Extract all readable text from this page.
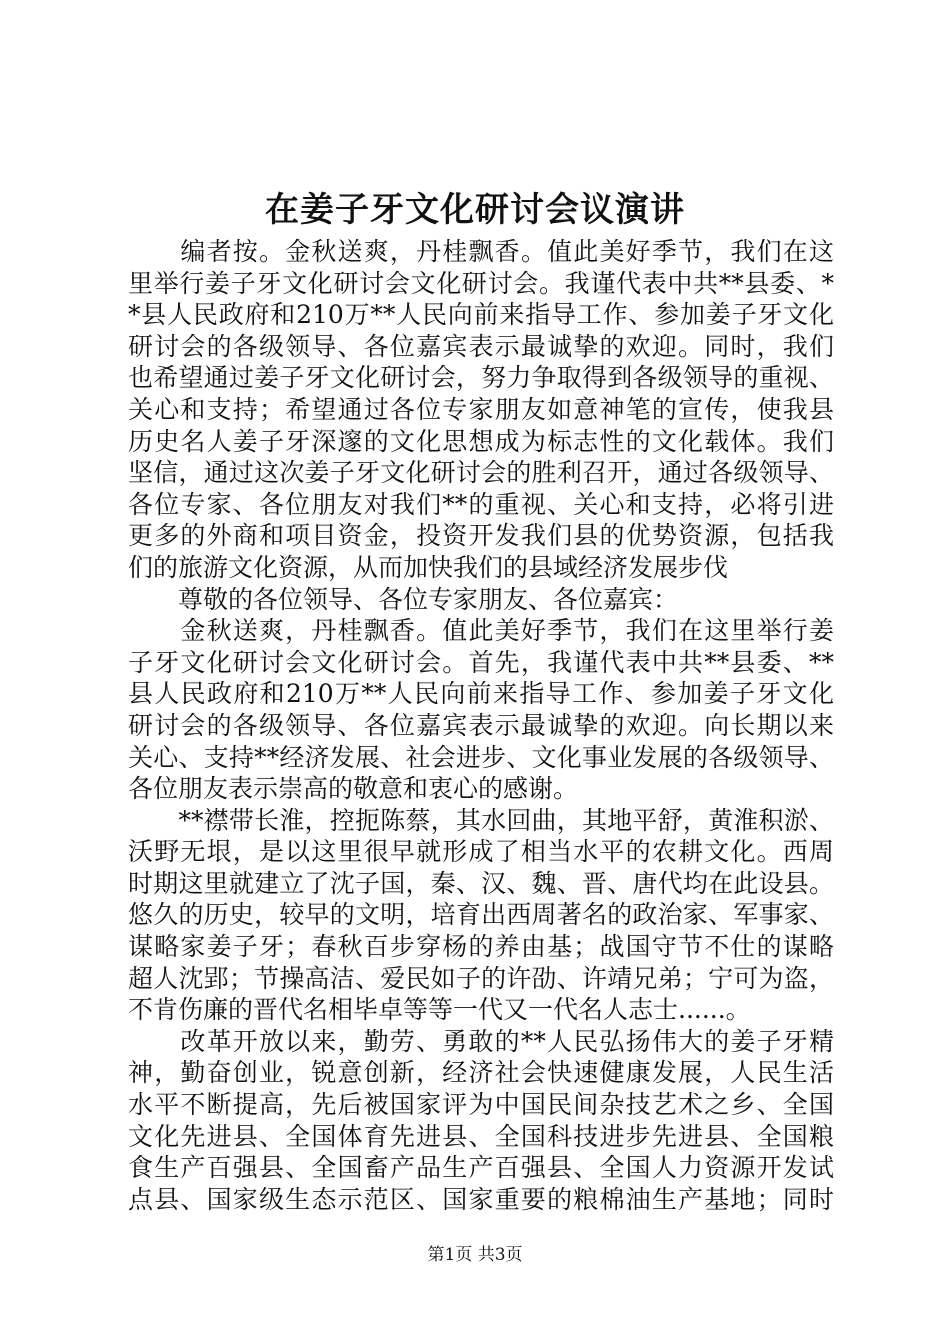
在姜子牙文化研讨会议演讲
　　编者按。金秋送爽，丹桂飘香。值此美好季节，我们在这
里举行姜子牙文化研讨会文化研讨会。我谨代表中共**县委、*
*县人民政府和210万**人民向前来指导工作、参加姜子牙文化
研讨会的各级领导、各位嘉宾表示最诚挚的欢迎。同时，我们
也希望通过姜子牙文化研讨会，努力争取得到各级领导的重视、
关心和支持；希望通过各位专家朋友如意神笔的宣传，使我县
历史名人姜子牙深邃的文化思想成为标志性的文化载体。我们
坚信，通过这次姜子牙文化研讨会的胜利召开，通过各级领导、
各位专家、各位朋友对我们**的重视、关心和支持，必将引进
更多的外商和项目资金，投资开发我们县的优势资源，包括我
们的旅游文化资源，从而加快我们的县域经济发展步伐
　　尊敬的各位领导、各位专家朋友、各位嘉宾：
　　金秋送爽，丹桂飘香。值此美好季节，我们在这里举行姜
子牙文化研讨会文化研讨会。首先，我谨代表中共**县委、**
县人民政府和210万**人民向前来指导工作、参加姜子牙文化
研讨会的各级领导、各位嘉宾表示最诚挚的欢迎。向长期以来
关心、支持**经济发展、社会进步、文化事业发展的各级领导、
各位朋友表示崇高的敬意和衷心的感谢。
　　**襟带长淮，控扼陈蔡，其水回曲，其地平舒，黄淮积淤、
沃野无垠，是以这里很早就形成了相当水平的农耕文化。西周
时期这里就建立了沈子国，秦、汉、魏、晋、唐代均在此设县。
悠久的历史，较早的文明，培育出西周著名的政治家、军事家、
谋略家姜子牙；春秋百步穿杨的养由基；战国守节不仕的谋略
超人沈郢；节操高洁、爱民如子的许劭、许靖兄弟；宁可为盗，
不肯伤廉的晋代名相毕卓等等一代又一代名人志士......。
　　改革开放以来，勤劳、勇敢的**人民弘扬伟大的姜子牙精
神，勤奋创业，锐意创新，经济社会快速健康发展，人民生活
水平不断提高，先后被国家评为中国民间杂技艺术之乡、全国
文化先进县、全国体育先进县、全国科技进步先进县、全国粮
食生产百强县、全国畜产品生产百强县、全国人力资源开发试
点县、国家级生态示范区、国家重要的粮棉油生产基地；同时
第1页 共3页
